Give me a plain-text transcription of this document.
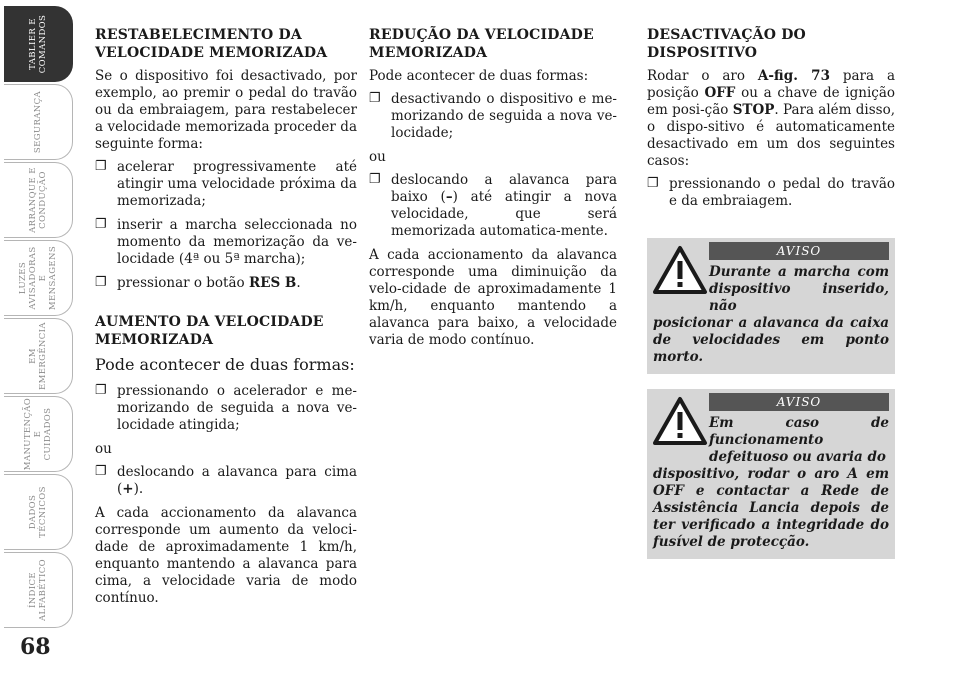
TABLIER E
COMANDOS
SEGURANÇA
ARRANQUE E
CONDUÇÃO
LUZES
AVISADORAS
E MENSAGENS
EM
EMERGÊNCIA
MANUTENÇÃO E
CUIDADOS
DADOS
TÉCNICOS
ÍNDICE
ALFABÉTICO
68
RESTABELECIMENTO DA VELOCIDADE MEMORIZADA

Se o dispositivo foi desactivado, por exemplo, ao premir o pedal do travão ou da embraiagem, para restabelecer a velocidade memorizada proceder da seguinte forma:

❐ acelerar progressivamente até atingir uma velocidade próxima da memorizada;
❐ inserir a marcha seleccionada no momento da memorização da ve-locidade (4ª ou 5ª marcha);
❐ pressionar o botão RES B.
AUMENTO DA VELOCIDADE MEMORIZADA
Pode acontecer de duas formas:
❐ pressionando o acelerador e me-morizando de seguida a nova ve-locidade atingida;

ou

❐ deslocando a alavanca para cima (+).

A cada accionamento da alavanca corresponde um aumento da veloci-dade de aproximadamente 1 km/h, enquanto mantendo a alavanca para cima, a velocidade varia de modo contínuo.

REDUÇÃO DA VELOCIDADE MEMORIZADA

Pode acontecer de duas formas:

❐ desactivando o dispositivo e me-morizando de seguida a nova ve-locidade;

ou

❐ deslocando a alavanca para baixo (–) até atingir a nova velocidade, que será memorizada automatica-mente.

A cada accionamento da alavanca corresponde uma diminuição da velo-cidade de aproximadamente 1 km/h, enquanto mantendo a alavanca para baixo, a velocidade varia de modo contínuo.

DESACTIVAÇÃO DO DISPOSITIVO

Rodar o aro A-fig. 73 para a posição OFF ou a chave de ignição em posi-ção STOP. Para além disso, o dispo-sitivo é automaticamente desactivado em um dos seguintes casos:

❐ pressionando o pedal do travão e da embraiagem.
AVISO
Durante a marcha com dispositivo inserido, não
posicionar a alavanca da caixa de velocidades em ponto morto.
AVISO
Em caso de funcionamento defeituoso ou avaria do
dispositivo, rodar o aro A em OFF e contactar a Rede de Assistência Lancia depois de ter verificado a integridade do fusível de protecção.
